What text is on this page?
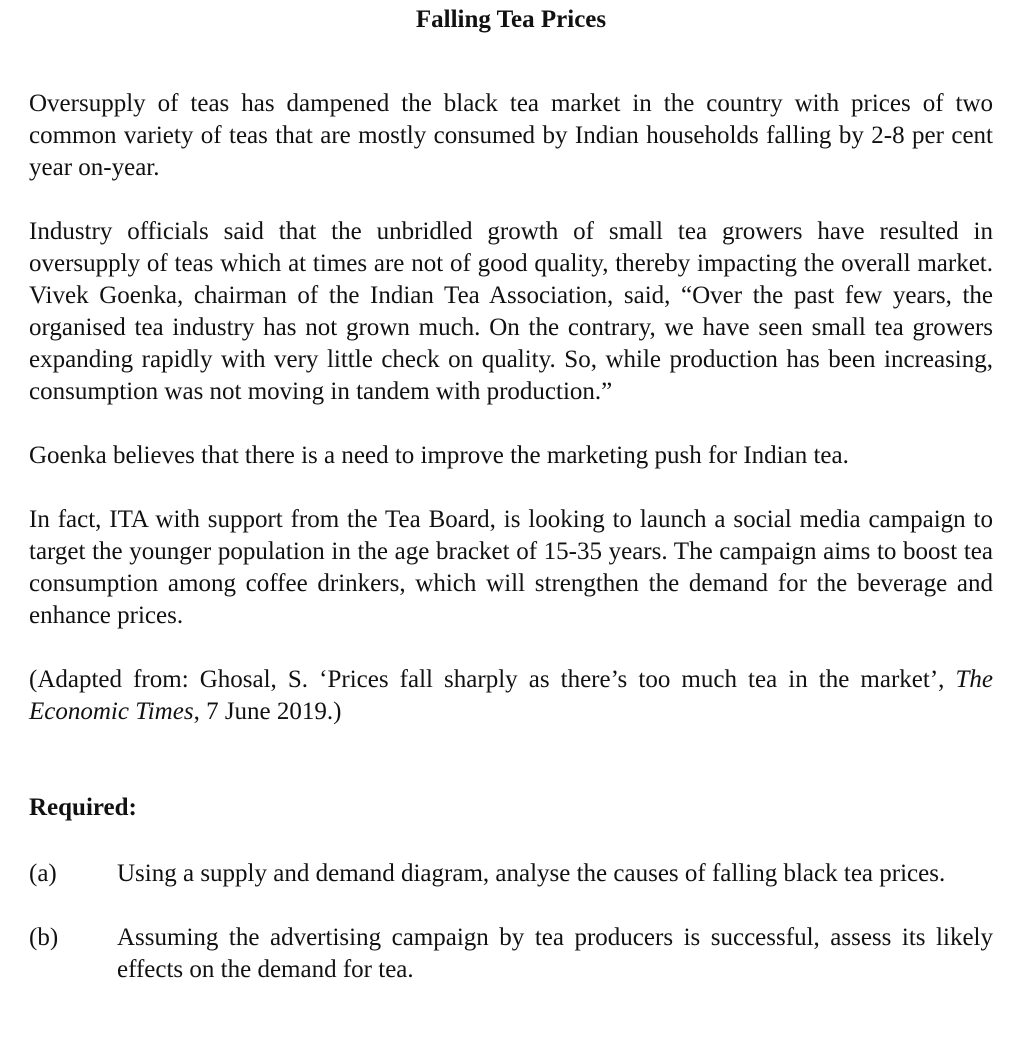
Falling Tea Prices

Oversupply of teas has dampened the black tea market in the country with prices of two common variety of teas that are mostly consumed by Indian households falling by 2-8 per cent year on-year.

Industry officials said that the unbridled growth of small tea growers have resulted in oversupply of teas which at times are not of good quality, thereby impacting the overall market. Vivek Goenka, chairman of the Indian Tea Association, said, “Over the past few years, the organised tea industry has not grown much. On the contrary, we have seen small tea growers expanding rapidly with very little check on quality. So, while production has been increasing, consumption was not moving in tandem with production.”

Goenka believes that there is a need to improve the marketing push for Indian tea.

In fact, ITA with support from the Tea Board, is looking to launch a social media campaign to target the younger population in the age bracket of 15-35 years. The campaign aims to boost tea consumption among coffee drinkers, which will strengthen the demand for the beverage and enhance prices.

(Adapted from: Ghosal, S. ‘Prices fall sharply as there’s too much tea in the market’, The Economic Times, 7 June 2019.)

Required:

(a)	Using a supply and demand diagram, analyse the causes of falling black tea prices.
(b)	Assuming the advertising campaign by tea producers is successful, assess its likely effects on the demand for tea.
